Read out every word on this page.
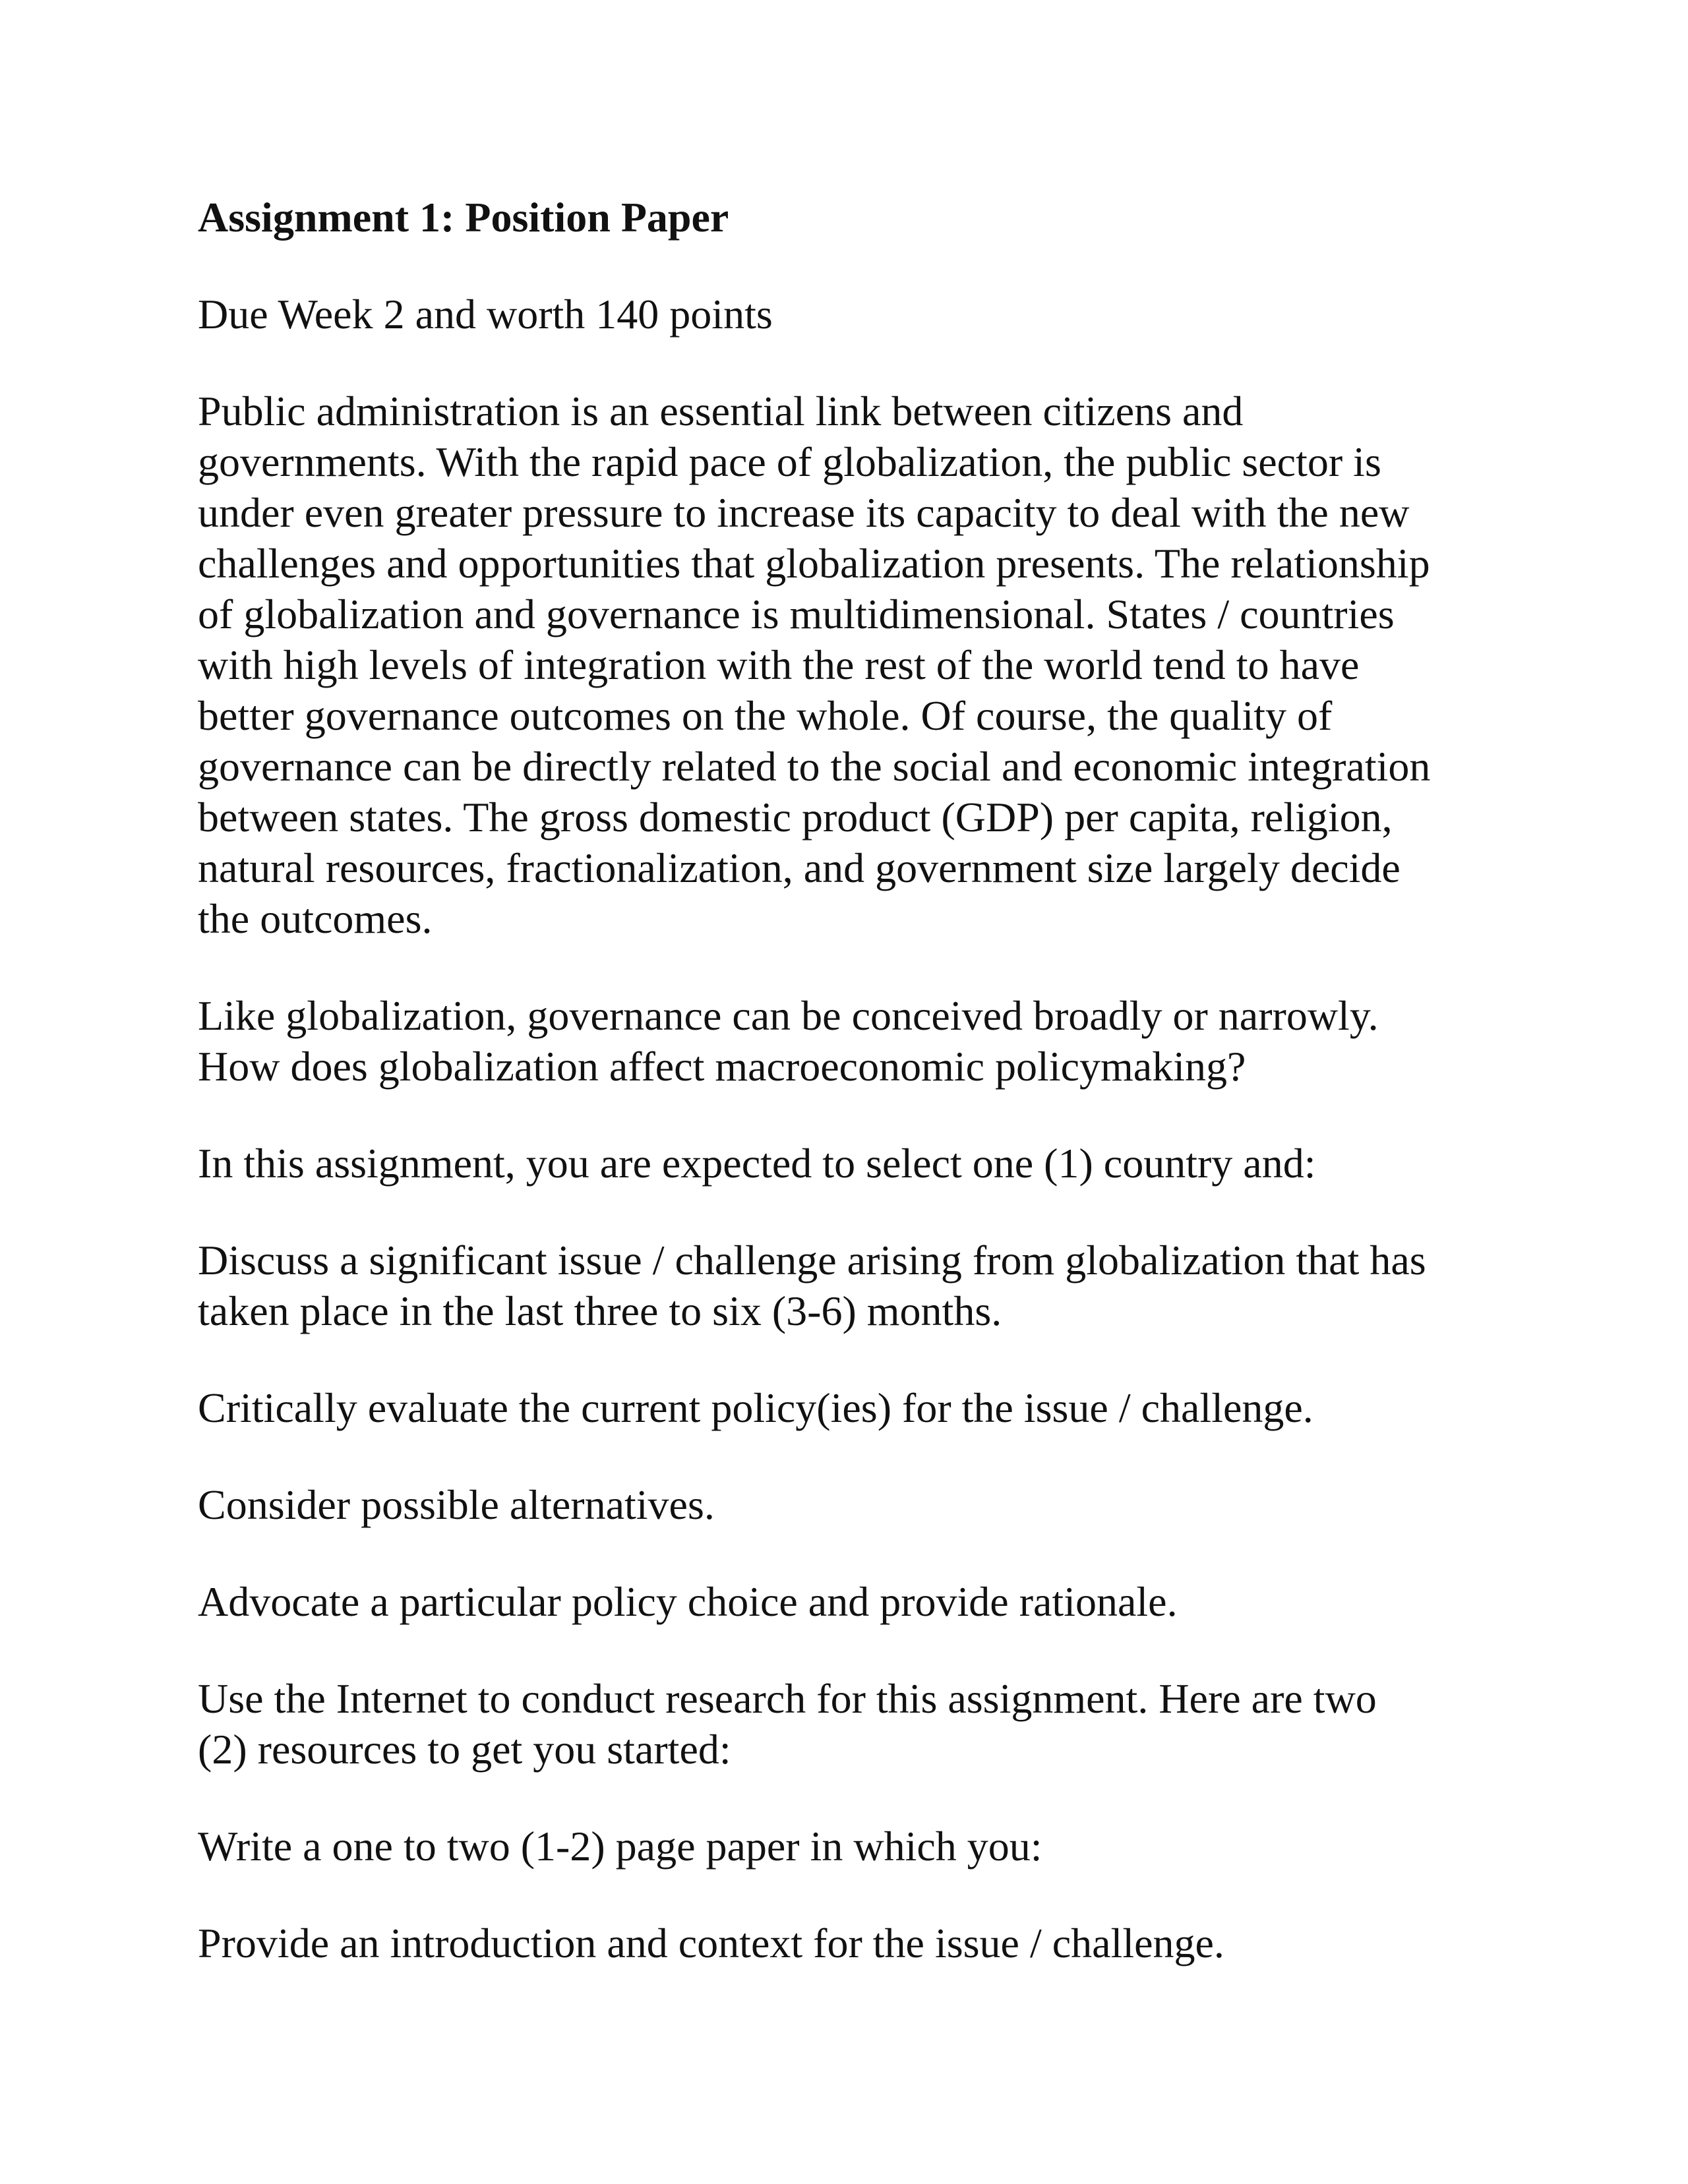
Assignment 1: Position Paper
Due Week 2 and worth 140 points
Public administration is an essential link between citizens and
governments. With the rapid pace of globalization, the public sector is
under even greater pressure to increase its capacity to deal with the new
challenges and opportunities that globalization presents. The relationship
of globalization and governance is multidimensional. States / countries
with high levels of integration with the rest of the world tend to have
better governance outcomes on the whole. Of course, the quality of
governance can be directly related to the social and economic integration
between states. The gross domestic product (GDP) per capita, religion,
natural resources, fractionalization, and government size largely decide
the outcomes.
Like globalization, governance can be conceived broadly or narrowly.
How does globalization affect macroeconomic policymaking?
In this assignment, you are expected to select one (1) country and:
Discuss a significant issue / challenge arising from globalization that has
taken place in the last three to six (3-6) months.
Critically evaluate the current policy(ies) for the issue / challenge.
Consider possible alternatives.
Advocate a particular policy choice and provide rationale.
Use the Internet to conduct research for this assignment. Here are two
(2) resources to get you started:
Write a one to two (1-2) page paper in which you:
Provide an introduction and context for the issue / challenge.
